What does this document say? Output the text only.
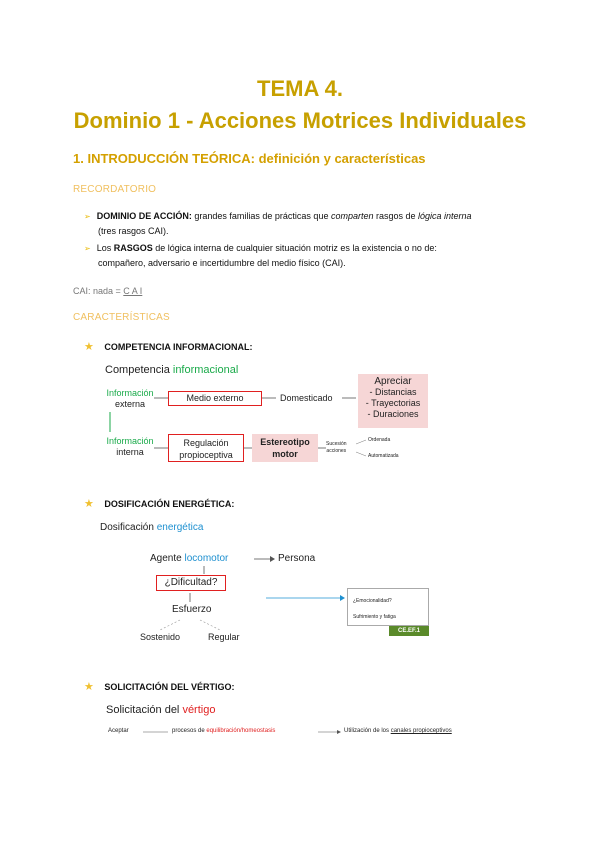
TEMA 4.
Dominio 1 - Acciones Motrices Individuales
1. INTRODUCCIÓN TEÓRICA: definición y características
RECORDATORIO
➢ DOMINIO DE ACCIÓN: grandes familias de prácticas que comparten rasgos de lógica interna
(tres rasgos CAI).
➢ Los RASGOS de lógica interna de cualquier situación motriz es la existencia o no de:
compañero, adversario e incertidumbre del medio físico (CAI).
CAI: nada = C A I
CARACTERÍSTICAS
★ COMPETENCIA INFORMACIONAL:
Competencia informacional
Información
externa
Información
interna
Medio externo	Domesticado
Apreciar
- Distancias
- Trayectorias
- Duraciones
Regulación
propioceptiva
Estereotipo
motor
Sucesión
acciones
Ordenada
Automatizada
★ DOSIFICACIÓN ENERGÉTICA:
Dosificación energética
Agente locomotor	Persona
¿Dificultad?
Esfuerzo
Sostenido	Regular
¿Emocionalidad?
Sufrimiento y fatiga
CE.EF.1
★ SOLICITACIÓN DEL VÉRTIGO:
Solicitación del vértigo
Aceptar	procesos de equilibración/homeostasis	Utilización de los canales propioceptivos
